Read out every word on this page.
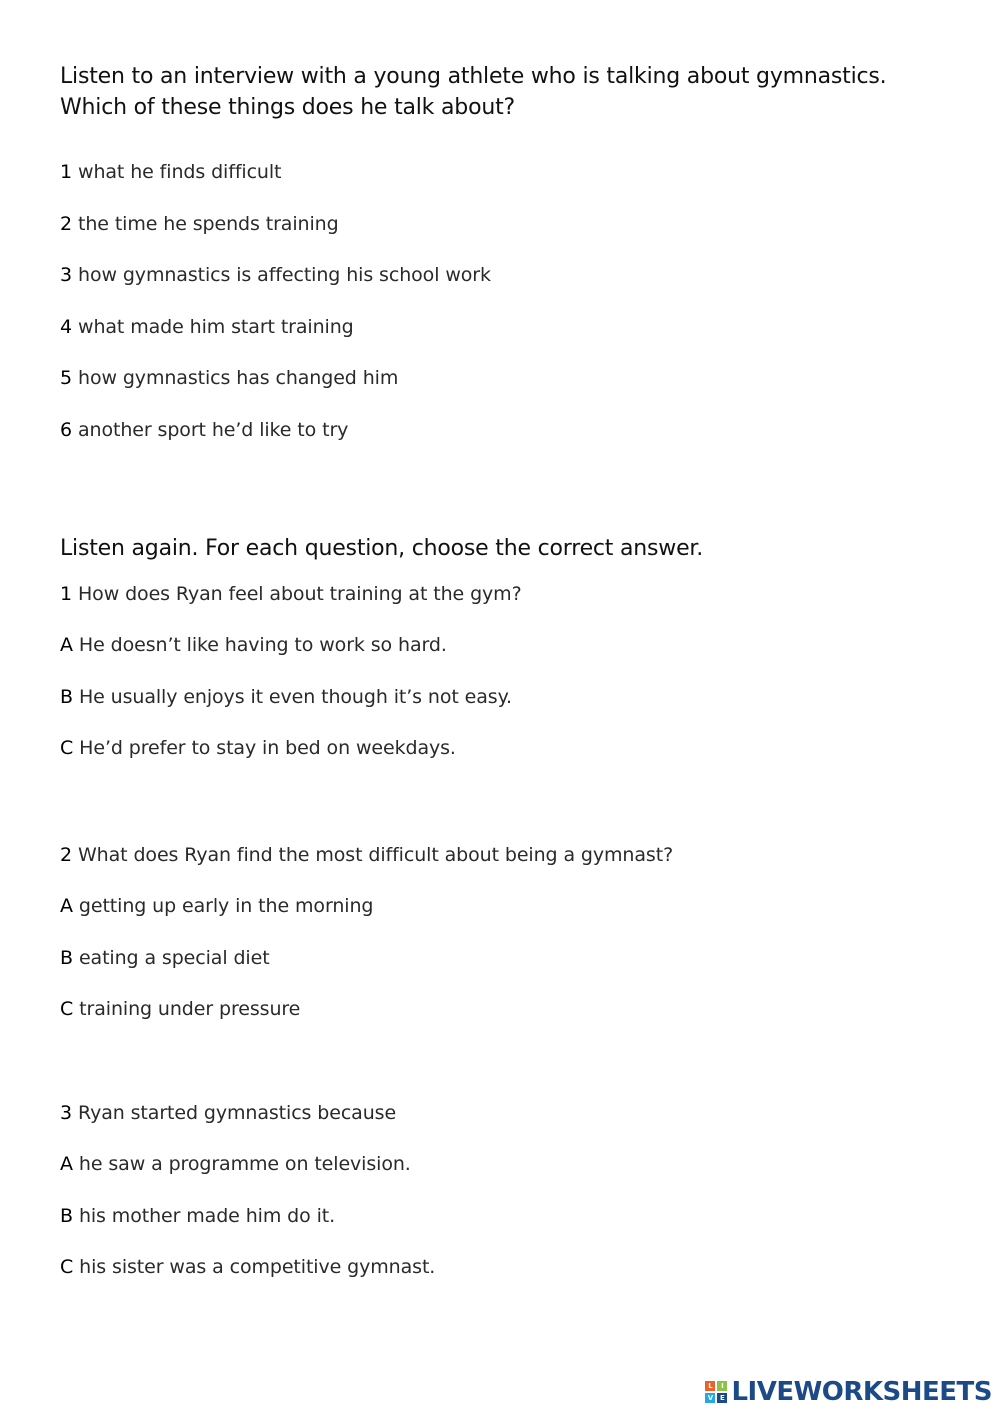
Listen to an interview with a young athlete who is talking about gymnastics. Which of these things does he talk about?

1 what he finds difficult
2 the time he spends training
3 how gymnastics is affecting his school work
4 what made him start training
5 how gymnastics has changed him
6 another sport he’d like to try

Listen again. For each question, choose the correct answer.

1 How does Ryan feel about training at the gym?
A He doesn’t like having to work so hard.
B He usually enjoys it even though it’s not easy.
C He’d prefer to stay in bed on weekdays.
2 What does Ryan find the most difficult about being a gymnast?
A getting up early in the morning
B eating a special diet
C training under pressure
3 Ryan started gymnastics because
A he saw a programme on television.
B his mother made him do it.
C his sister was a competitive gymnast.
L	I
V E LIVEWORKSHEETS
